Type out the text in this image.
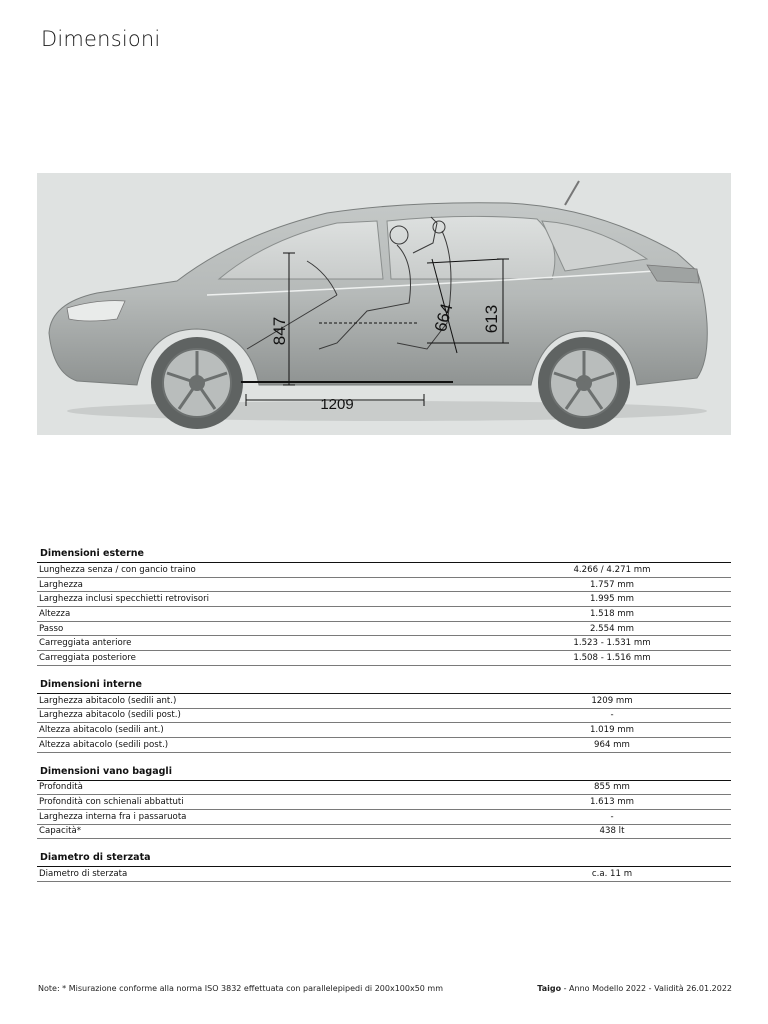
Dimensioni
847	664 613
1209
Dimensioni esterne
Lunghezza senza / con gancio traino	4.266 / 4.271 mm
Larghezza	1.757 mm
Larghezza inclusi specchietti retrovisori	1.995 mm
Altezza	1.518 mm
Passo	2.554 mm
Carreggiata anteriore	1.523 - 1.531 mm
Carreggiata posteriore	1.508 - 1.516 mm
Dimensioni interne
Larghezza abitacolo (sedili ant.)	1209 mm
Larghezza abitacolo (sedili post.)	-
Altezza abitacolo (sedili ant.)	1.019 mm
Altezza abitacolo (sedili post.)	964 mm
Dimensioni vano bagagli
Profondità	855 mm
Profondità con schienali abbattuti	1.613 mm
Larghezza interna fra i passaruota	-
Capacità*	438 lt
Diametro di sterzata
Diametro di sterzata	c.a. 11 m
Note: * Misurazione conforme alla norma ISO 3832 effettuata con parallelepipedi di 200x100x50 mm	Taigo - Anno Modello 2022 - Validità 26.01.2022
